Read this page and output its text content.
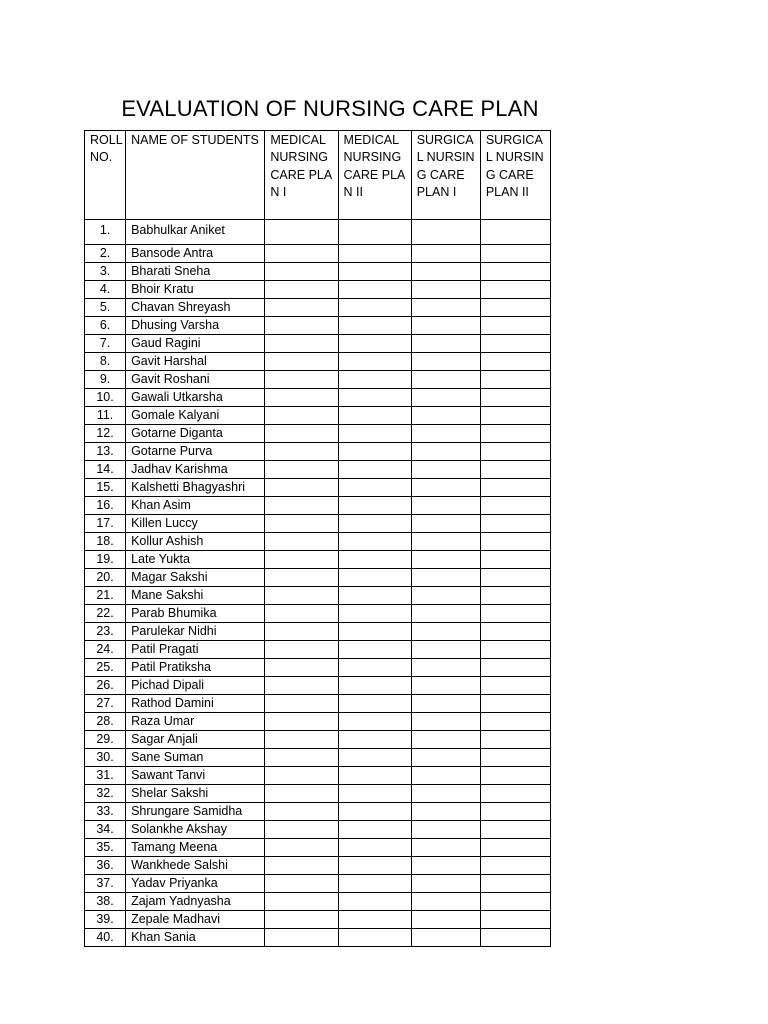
EVALUATION OF NURSING CARE PLAN
ROLL NO.	NAME OF STUDENTS	MEDICAL NURSING CARE PLAN I	MEDICAL NURSING CARE PLAN II	SURGICAL NURSING CARE PLAN I	SURGICAL NURSING CARE PLAN II
1.	Babhulkar Aniket				
2.	Bansode Antra				
3.	Bharati Sneha				
4.	Bhoir Kratu				
5.	Chavan Shreyash				
6.	Dhusing Varsha				
7.	Gaud Ragini				
8.	Gavit Harshal				
9.	Gavit Roshani				
10.	Gawali Utkarsha				
11.	Gomale Kalyani				
12.	Gotarne Diganta				
13.	Gotarne Purva				
14.	Jadhav Karishma				
15.	Kalshetti Bhagyashri				
16.	Khan Asim				
17.	Killen Luccy				
18.	Kollur Ashish				
19.	Late Yukta				
20.	Magar Sakshi				
21.	Mane Sakshi				
22.	Parab Bhumika				
23.	Parulekar Nidhi				
24.	Patil Pragati				
25.	Patil Pratiksha				
26.	Pichad Dipali				
27.	Rathod Damini				
28.	Raza Umar				
29.	Sagar Anjali				
30.	Sane Suman				
31.	Sawant Tanvi				
32.	Shelar Sakshi				
33.	Shrungare Samidha				
34.	Solankhe Akshay				
35.	Tamang Meena				
36.	Wankhede Salshi				
37.	Yadav Priyanka				
38.	Zajam Yadnyasha				
39.	Zepale Madhavi				
40.	Khan Sania				
